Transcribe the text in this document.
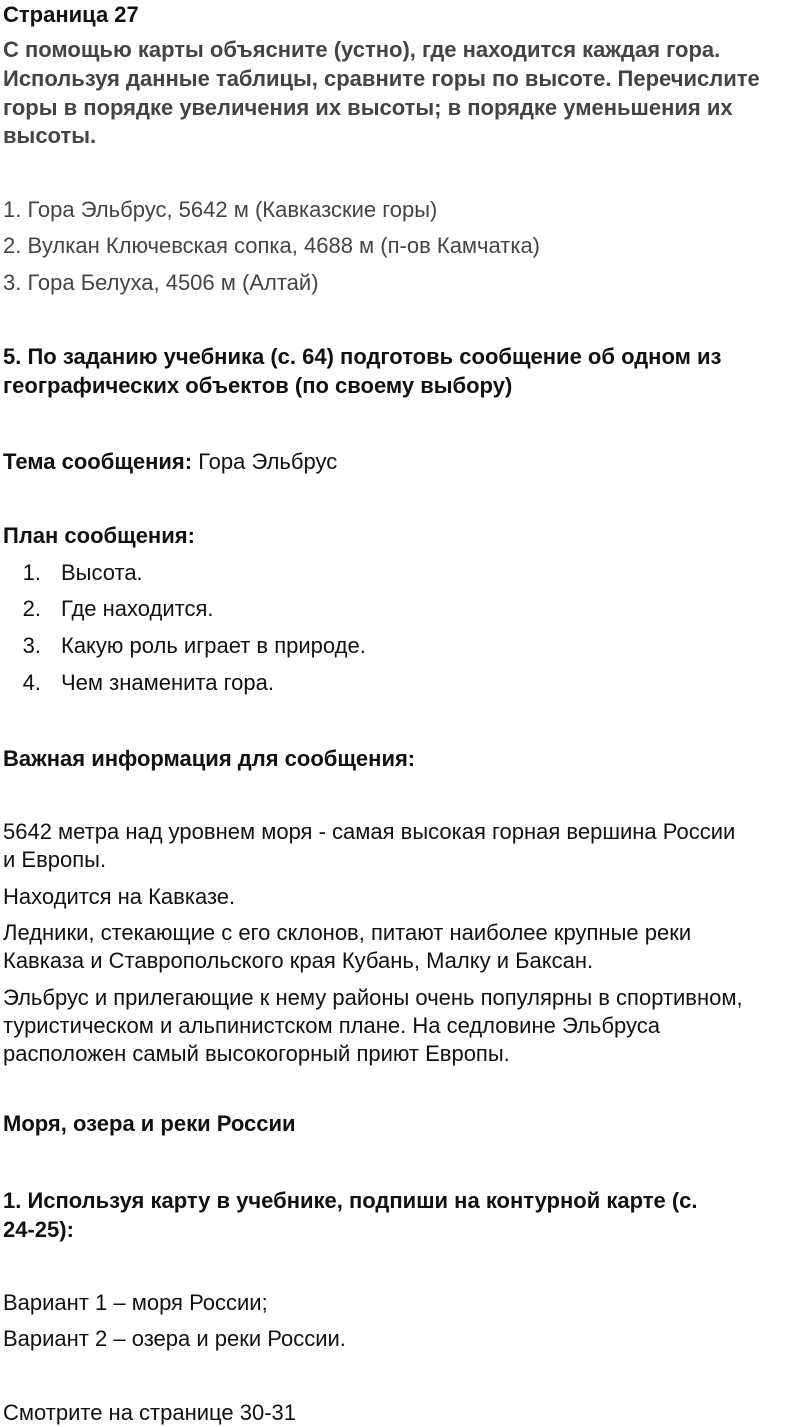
Страница 27
С помощью карты объясните (устно), где находится каждая гора.
Используя данные таблицы, сравните горы по высоте. Перечислите
горы в порядке увеличения их высоты; в порядке уменьшения их
высоты.
1. Гора Эльбрус, 5642 м (Кавказские горы)
2. Вулкан Ключевская сопка, 4688 м (п-ов Камчатка)
3. Гора Белуха, 4506 м (Алтай)
5. По заданию учебника (с. 64) подготовь сообщение об одном из
географических объектов (по своему выбору)
Тема сообщения: Гора Эльбрус
План сообщения:
1. Высота.
2. Где находится.
3. Какую роль играет в природе.
4. Чем знаменита гора.
Важная информация для сообщения:
5642 метра над уровнем моря - самая высокая горная вершина России
и Европы.
Находится на Кавказе.
Ледники, стекающие с его склонов, питают наиболее крупные реки
Кавказа и Ставропольского края Кубань, Малку и Баксан.
Эльбрус и прилегающие к нему районы очень популярны в спортивном,
туристическом и альпинистском плане. На седловине Эльбруса
расположен самый высокогорный приют Европы.
Моря, озера и реки России
1. Используя карту в учебнике, подпиши на контурной карте (с.
24-25):
Вариант 1 – моря России;
Вариант 2 – озера и реки России.
Смотрите на странице 30-31
